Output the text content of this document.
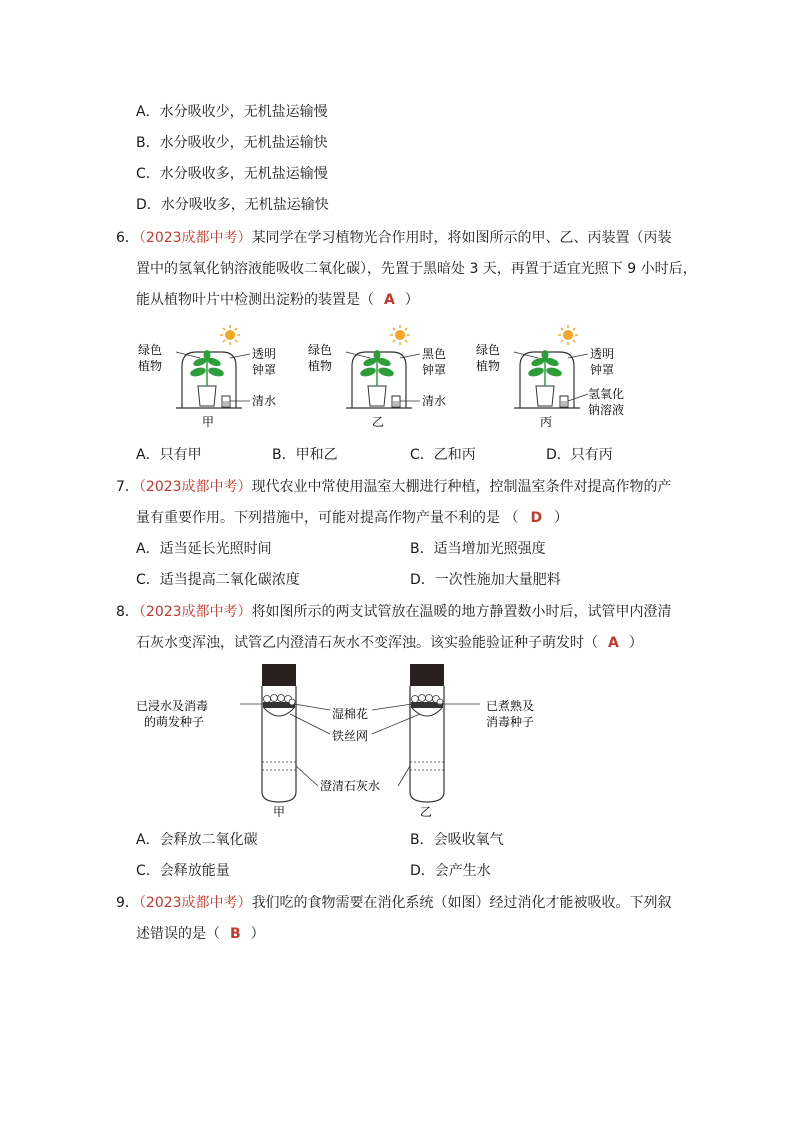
A．水分吸收少，无机盐运输慢
B．水分吸收少，无机盐运输快
C．水分吸收多，无机盐运输慢
D．水分吸收多，无机盐运输快
6．（2023成都中考）某同学在学习植物光合作用时，将如图所示的甲、乙、丙装置（丙装
置中的氢氧化钠溶液能吸收二氧化碳），先置于黑暗处 3 天，再置于适宜光照下 9 小时后，
能从植物叶片中检测出淀粉的装置是（ A ）
绿色
植物
透明
钟罩
清水
甲
绿色
植物
黑色
钟罩
清水
乙
绿色
植物
透明
钟罩
氢氧化
钠溶液
丙
A．只有甲	B．甲和乙	C．乙和丙	D．只有丙
7．（2023成都中考）现代农业中常使用温室大棚进行种植，控制温室条件对提高作物的产
量有重要作用。下列措施中，可能对提高作物产量不利的是 （ D ）
A．适当延长光照时间	B．适当增加光照强度
C．适当提高二氧化碳浓度	D．一次性施加大量肥料
8．（2023成都中考）将如图所示的两支试管放在温暖的地方静置数小时后，试管甲内澄清
石灰水变浑浊，试管乙内澄清石灰水不变浑浊。该实验能验证种子萌发时（ A ）
甲	乙
已浸水及消毒
的萌发种子
已煮熟及
消毒种子
湿棉花
铁丝网
澄清石灰水
A．会释放二氧化碳	B．会吸收氧气
C．会释放能量	D．会产生水
9．（2023成都中考）我们吃的食物需要在消化系统（如图）经过消化才能被吸收。下列叙
述错误的是（ B ）
